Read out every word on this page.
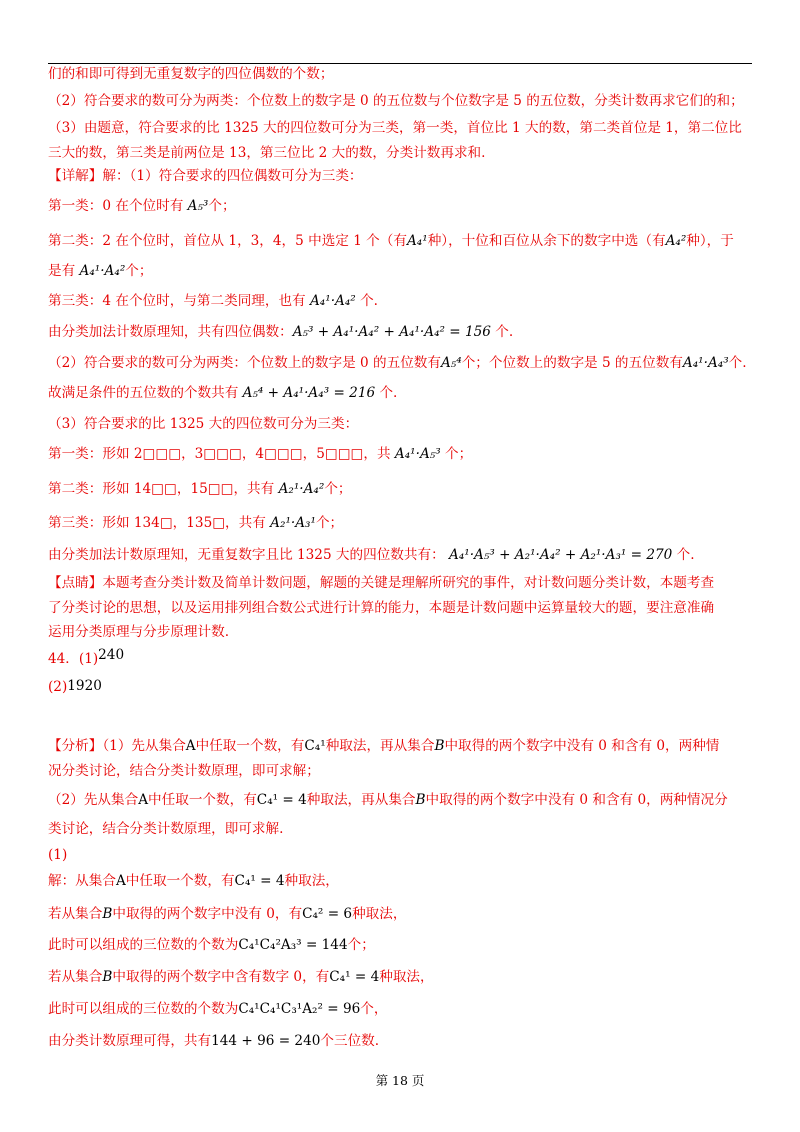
们的和即可得到无重复数字的四位偶数的个数；
（2）符合要求的数可分为两类：个位数上的数字是 0 的五位数与个位数字是 5 的五位数，分类计数再求它们的和；
（3）由题意，符合要求的比 1325 大的四位数可分为三类，第一类，首位比 1 大的数，第二类首位是 1，第二位比
三大的数，第三类是前两位是 13，第三位比 2 大的数，分类计数再求和.
【详解】解：（1）符合要求的四位偶数可分为三类：
第一类：0 在个位时有 A₅³个；
第二类：2 在个位时，首位从 1，3，4，5 中选定 1 个（有A₄¹种），十位和百位从余下的数字中选（有A₄²种），于
是有 A₄¹·A₄²个；
第三类：4 在个位时，与第二类同理，也有 A₄¹·A₄² 个.
由分类加法计数原理知，共有四位偶数：A₅³ + A₄¹·A₄² + A₄¹·A₄² = 156 个.
（2）符合要求的数可分为两类：个位数上的数字是 0 的五位数有A₅⁴个；个位数上的数字是 5 的五位数有A₄¹·A₄³个.
故满足条件的五位数的个数共有 A₅⁴ + A₄¹·A₄³ = 216 个.
（3）符合要求的比 1325 大的四位数可分为三类：
第一类：形如 2□□□，3□□□，4□□□，5□□□，共 A₄¹·A₅³ 个；
第二类：形如 14□□，15□□，共有 A₂¹·A₄²个；
第三类：形如 134□，135□，共有 A₂¹·A₃¹个；
由分类加法计数原理知，无重复数字且比 1325 大的四位数共有： A₄¹·A₅³ + A₂¹·A₄² + A₂¹·A₃¹ = 270 个.
【点睛】本题考查分类计数及简单计数问题，解题的关键是理解所研究的事件，对计数问题分类计数，本题考查
了分类讨论的思想，以及运用排列组合数公式进行计算的能力，本题是计数问题中运算量较大的题，要注意准确
运用分类原理与分步原理计数.
44．(1)240
(2)1920
【分析】（1）先从集合A中任取一个数，有C₄¹种取法，再从集合B中取得的两个数字中没有 0 和含有 0，两种情
况分类讨论，结合分类计数原理，即可求解；
（2）先从集合A中任取一个数，有C₄¹ = 4种取法，再从集合B中取得的两个数字中没有 0 和含有 0，两种情况分
类讨论，结合分类计数原理，即可求解.
(1)
解：从集合A中任取一个数，有C₄¹ = 4种取法，
若从集合B中取得的两个数字中没有 0，有C₄² = 6种取法，
此时可以组成的三位数的个数为C₄¹C₄²A₃³ = 144个；
若从集合B中取得的两个数字中含有数字 0，有C₄¹ = 4种取法，
此时可以组成的三位数的个数为C₄¹C₄¹C₃¹A₂² = 96个，
由分类计数原理可得，共有144 + 96 = 240个三位数.
第 18 页
